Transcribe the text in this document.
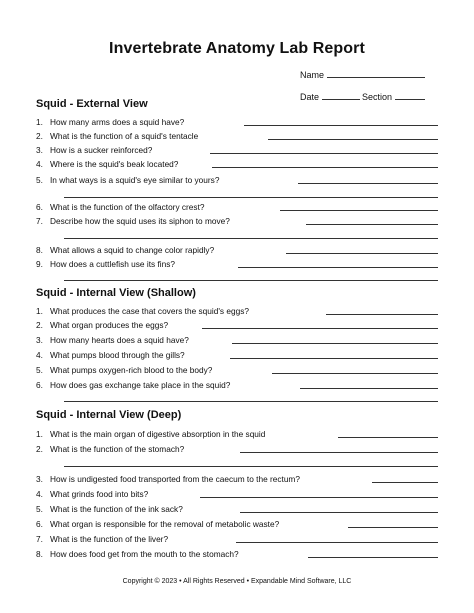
Invertebrate Anatomy Lab Report
Name
Date	Section
Squid - External View
1. How many arms does a squid have?
2. What is the function of a squid's tentacle
3. How is a sucker reinforced?
4. Where is the squid's beak located?
5. In what ways is a squid's eye similar to yours?
6. What is the function of the olfactory crest?
7. Describe how the squid uses its siphon to move?
8. What allows a squid to change color rapidly?
9. How does a cuttlefish use its fins?
Squid - Internal View (Shallow)
1. What produces the case that covers the squid's eggs?
2. What organ produces the eggs?
3. How many hearts does a squid have?
4. What pumps blood through the gills?
5. What pumps oxygen-rich blood to the body?
6. How does gas exchange take place in the squid?
Squid - Internal View (Deep)
1. What is the main organ of digestive absorption in the squid
2. What is the function of the stomach?
3. How is undigested food transported from the caecum to the rectum?
4. What grinds food into bits?
5. What is the function of the ink sack?
6. What organ is responsible for the removal of metabolic waste?
7. What is the function of the liver?
8. How does food get from the mouth to the stomach?
Copyright © 2023 • All Rights Reserved • Expandable Mind Software, LLC
